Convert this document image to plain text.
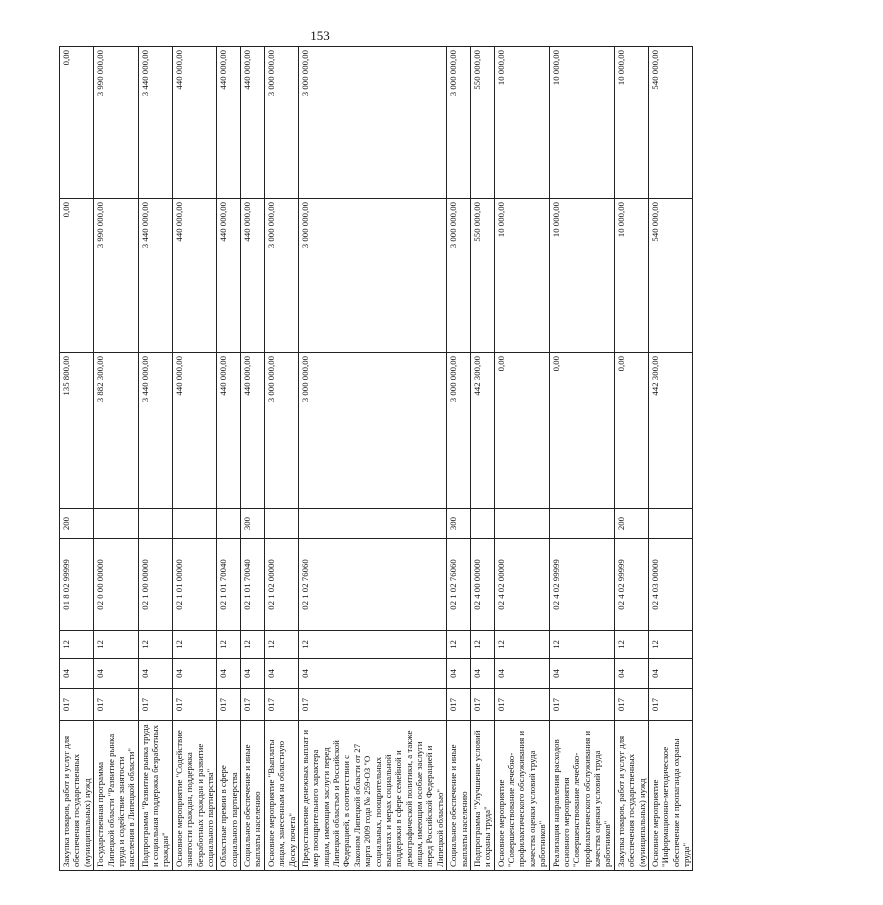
153
Закупка товаров, работ и услуг для обеспечения государственных (муниципальных) нужд	017	04	12	01 8 02 99999	200	135 800,00	0,00	0,00
Государственная программа Липецкой области "Развитие рынка труда и содействие занятости населения в Липецкой области"	017	04	12	02 0 00 00000		3 882 300,00	3 990 000,00	3 990 000,00
Подпрограмма "Развитие рынка труда и социальная поддержка безработных граждан"	017	04	12	02 1 00 00000		3 440 000,00	3 440 000,00	3 440 000,00
Основное мероприятие "Содействие занятости граждан, поддержка безработных граждан и развитие социального партнерства"	017	04	12	02 1 01 00000		440 000,00	440 000,00	440 000,00
Областные премии в сфере социального партнерства	017	04	12	02 1 01 70040		440 000,00	440 000,00	440 000,00
Социальное обеспечение и иные выплаты населению	017	04	12	02 1 01 70040	300	440 000,00	440 000,00	440 000,00
Основное мероприятие "Выплаты лицам, занесенным на областную Доску почета"	017	04	12	02 1 02 00000		3 000 000,00	3 000 000,00	3 000 000,00
Предоставление денежных выплат и мер поощрительного характера лицам, имеющим заслуги перед Липецкой областью и Российской Федерацией, в соответствии с Законом Липецкой области от 27 марта 2009 года № 259-ОЗ "О социальных, поощрительных выплатах и мерах социальной поддержки в сфере семейной и демографической политики, а также лицам, имеющим особые заслуги перед Российской Федерацией и Липецкой областью"	017	04	12	02 1 02 76060		3 000 000,00	3 000 000,00	3 000 000,00
Социальное обеспечение и иные выплаты населению	017	04	12	02 1 02 76060	300	3 000 000,00	3 000 000,00	3 000 000,00
Подпрограмма "Улучшение условий и охраны труда"	017	04	12	02 4 00 00000		442 300,00	550 000,00	550 000,00
Основное мероприятие "Совершенствование лечебно-профилактического обслуживания и качества оценки условий труда работников"	017	04	12	02 4 02 00000		0,00	10 000,00	10 000,00
Реализация направления расходов основного мероприятия "Совершенствование лечебно-профилактического обслуживания и качества оценки условий труда работников"	017	04	12	02 4 02 99999		0,00	10 000,00	10 000,00
Закупка товаров, работ и услуг для обеспечения государственных (муниципальных) нужд	017	04	12	02 4 02 99999	200	0,00	10 000,00	10 000,00
Основное мероприятие "Информационно-методическое обеспечение и пропаганда охраны труда"	017	04	12	02 4 03 00000		442 300,00	540 000,00	540 000,00
